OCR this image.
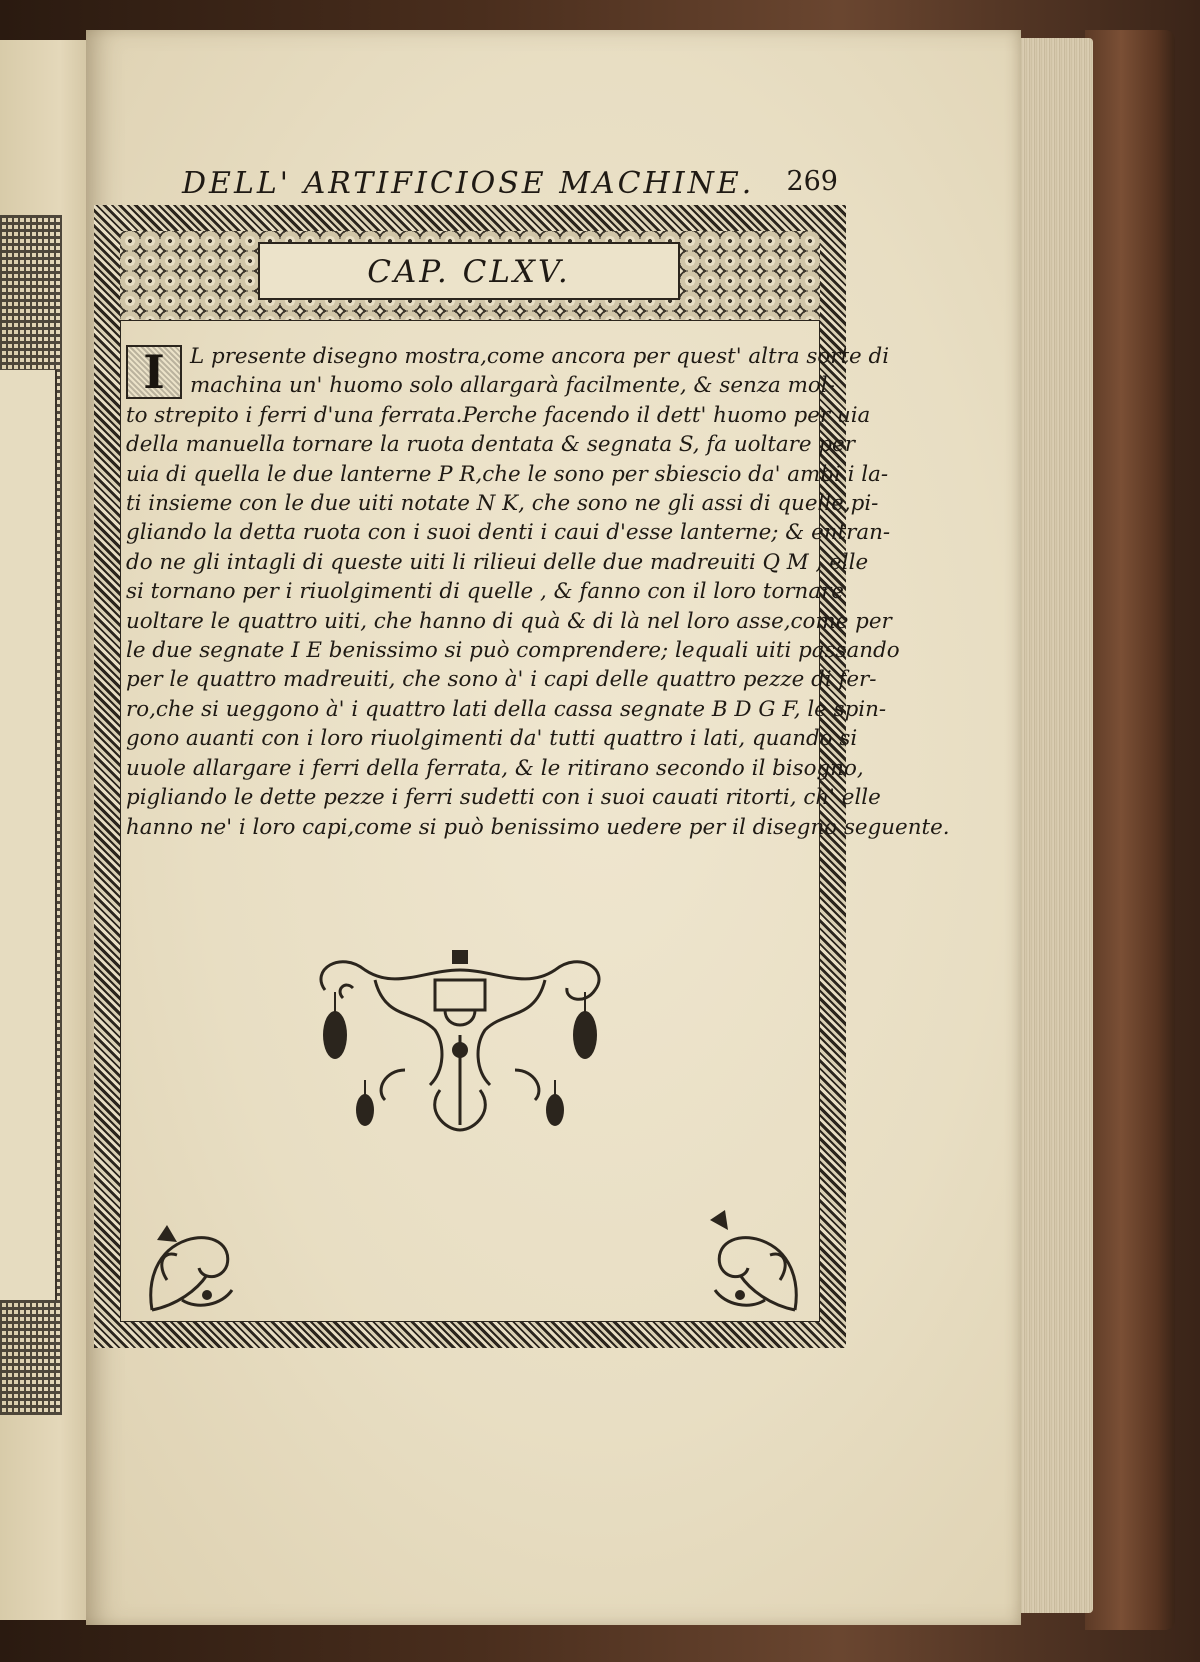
DELL' ARTIFICIOSE MACHINE.	269
CAP. CLXV.
I	L presente disegno mostra,come ancora per quest' altra sorte di
machina un' huomo solo allargarà facilmente, & senza mol-
to strepito i ferri d'una ferrata.Perche facendo il dett' huomo per uia
della manuella tornare la ruota dentata & segnata S, fa uoltare per
uia di quella le due lanterne P R,che le sono per sbiescio da' ambi i la-
ti insieme con le due uiti notate N K, che sono ne gli assi di quelle,pi-
gliando la detta ruota con i suoi denti i caui d'esse lanterne; & entran-
do ne gli intagli di queste uiti li rilieui delle due madreuiti Q M , elle
si tornano per i riuolgimenti di quelle , & fanno con il loro tornare
uoltare le quattro uiti, che hanno di quà & di là nel loro asse,come per
le due segnate I E benissimo si può comprendere; lequali uiti passando
per le quattro madreuiti, che sono à' i capi delle quattro pezze di fer-
ro,che si ueggono à' i quattro lati della cassa segnate B D G F, le spin-
gono auanti con i loro riuolgimenti da' tutti quattro i lati, quando si
uuole allargare i ferri della ferrata, & le ritirano secondo il bisogno,
pigliando le dette pezze i ferri sudetti con i suoi cauati ritorti, ch' elle
hanno ne' i loro capi,come si può benissimo uedere per il disegno seguente.
